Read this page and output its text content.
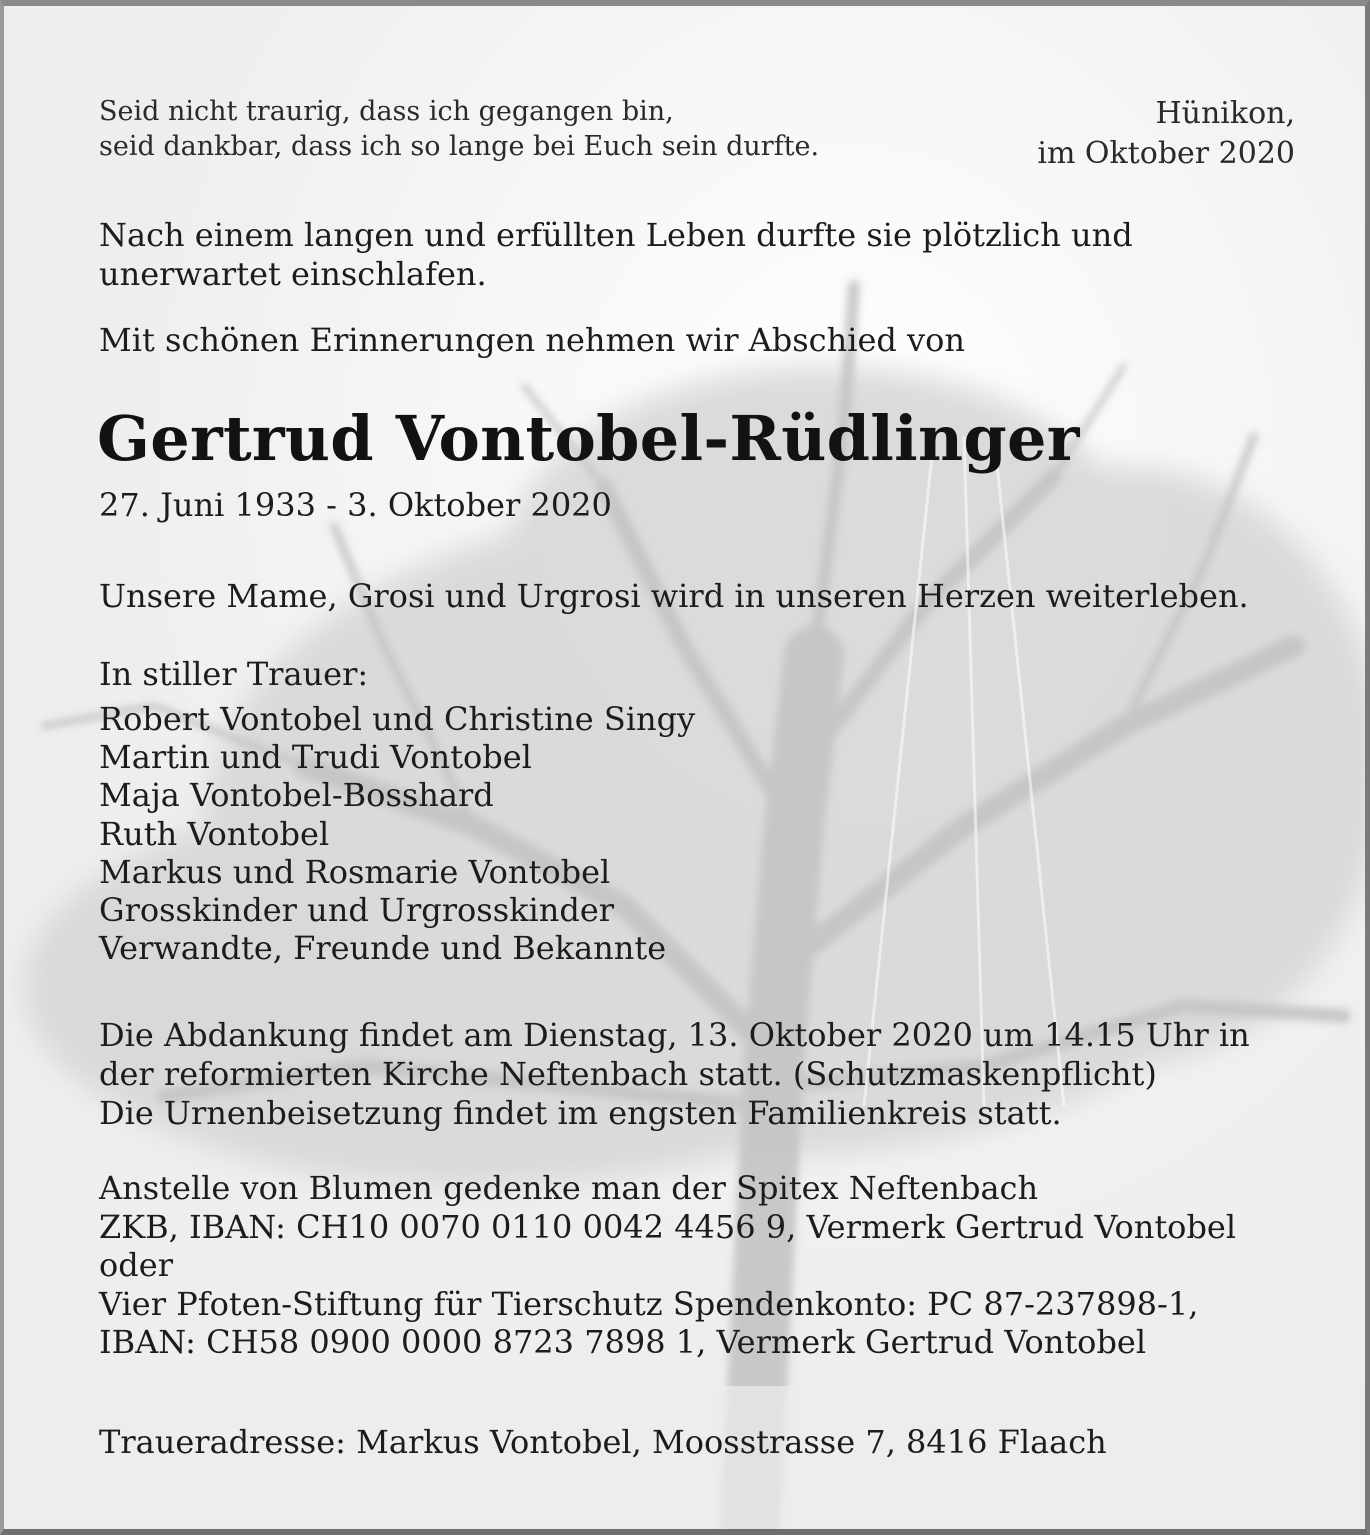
Seid nicht traurig, dass ich gegangen bin,
seid dankbar, dass ich so lange bei Euch sein durfte.
Hünikon,
im Oktober 2020
Nach einem langen und erfüllten Leben durfte sie plötzlich und
unerwartet einschlafen.
Mit schönen Erinnerungen nehmen wir Abschied von
Gertrud Vontobel-Rüdlinger
27. Juni 1933 - 3. Oktober 2020
Unsere Mame, Grosi und Urgrosi wird in unseren Herzen weiterleben.
In stiller Trauer:
Robert Vontobel und Christine Singy
Martin und Trudi Vontobel
Maja Vontobel-Bosshard
Ruth Vontobel
Markus und Rosmarie Vontobel
Grosskinder und Urgrosskinder
Verwandte, Freunde und Bekannte
Die Abdankung findet am Dienstag, 13. Oktober 2020 um 14.15 Uhr in
der reformierten Kirche Neftenbach statt. (Schutzmaskenpflicht)
Die Urnenbeisetzung findet im engsten Familienkreis statt.
Anstelle von Blumen gedenke man der Spitex Neftenbach
ZKB, IBAN: CH10 0070 0110 0042 4456 9, Vermerk Gertrud Vontobel
oder
Vier Pfoten-Stiftung für Tierschutz Spendenkonto: PC 87-237898-1,
IBAN: CH58 0900 0000 8723 7898 1, Vermerk Gertrud Vontobel
Traueradresse: Markus Vontobel, Moosstrasse 7, 8416 Flaach
